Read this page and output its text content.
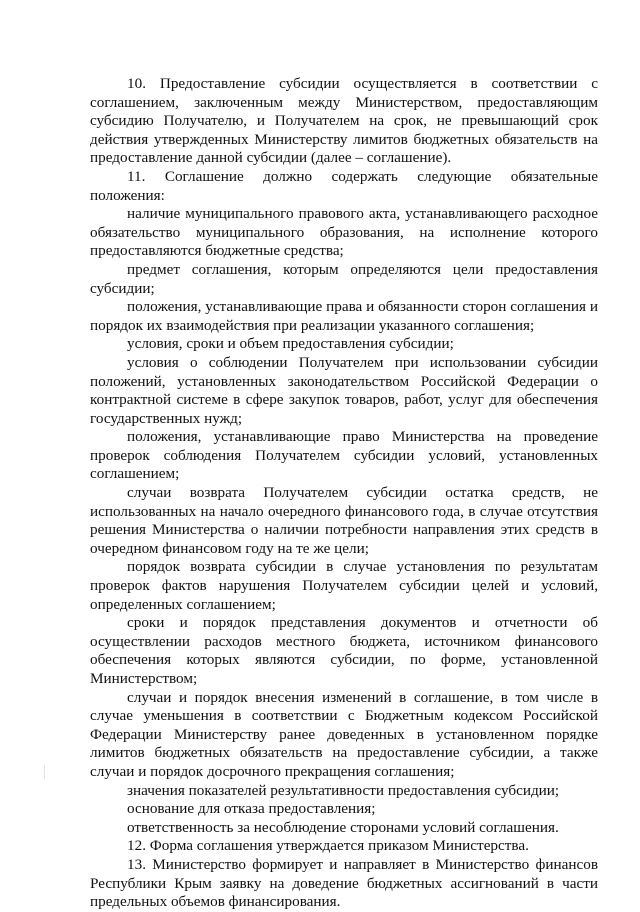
10. Предоставление субсидии осуществляется в соответствии с соглашением, заключенным между Министерством, предоставляющим субсидию Получателю, и Получателем на срок, не превышающий срок действия утвержденных Министерству лимитов бюджетных обязательств на предоставление данной субсидии (далее – соглашение).

11. Соглашение должно содержать следующие обязательные положения:

наличие муниципального правового акта, устанавливающего расходное обязательство муниципального образования, на исполнение которого предоставляются бюджетные средства;

предмет соглашения, которым определяются цели предоставления субсидии;

положения, устанавливающие права и обязанности сторон соглашения и порядок их взаимодействия при реализации указанного соглашения;

условия, сроки и объем предоставления субсидии;

условия о соблюдении Получателем при использовании субсидии положений, установленных законодательством Российской Федерации о контрактной системе в сфере закупок товаров, работ, услуг для обеспечения государственных нужд;

положения, устанавливающие право Министерства на проведение проверок соблюдения Получателем субсидии условий, установленных соглашением;

случаи возврата Получателем субсидии остатка средств, не использованных на начало очередного финансового года, в случае отсутствия решения Министерства о наличии потребности направления этих средств в очередном финансовом году на те же цели;

порядок возврата субсидии в случае установления по результатам проверок фактов нарушения Получателем субсидии целей и условий, определенных соглашением;

сроки и порядок представления документов и отчетности об осуществлении расходов местного бюджета, источником финансового обеспечения которых являются субсидии, по форме, установленной Министерством;

случаи и порядок внесения изменений в соглашение, в том числе в случае уменьшения в соответствии с Бюджетным кодексом Российской Федерации Министерству ранее доведенных в установленном порядке лимитов бюджетных обязательств на предоставление субсидии, а также случаи и порядок досрочного прекращения соглашения;

значения показателей результативности предоставления субсидии;

основание для отказа предоставления;

ответственность за несоблюдение сторонами условий соглашения.

12. Форма соглашения утверждается приказом Министерства.

13. Министерство формирует и направляет в Министерство финансов Республики Крым заявку на доведение бюджетных ассигнований в части предельных объемов финансирования.
